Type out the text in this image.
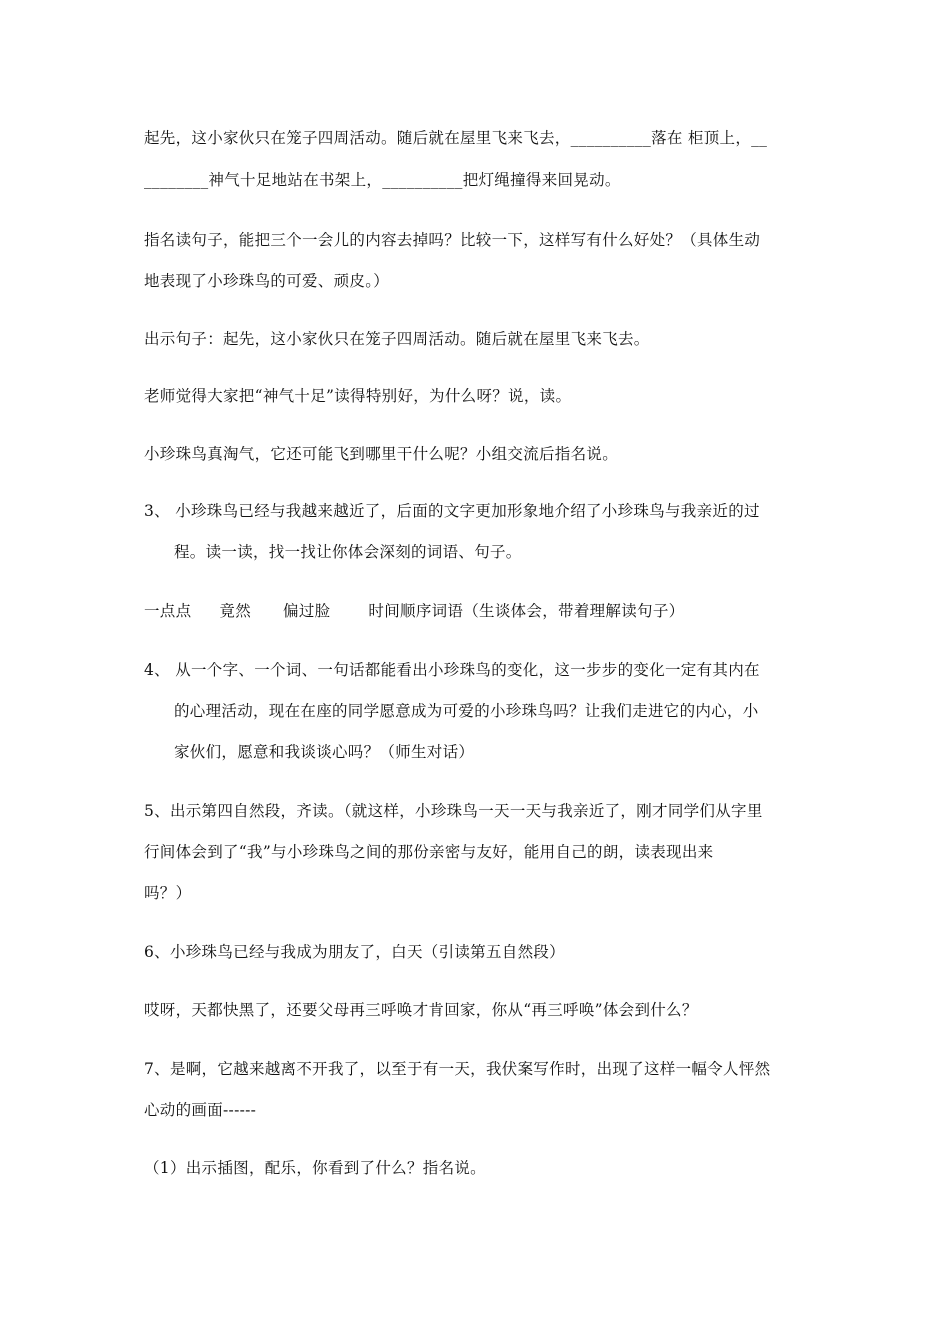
起先，这小家伙只在笼子四周活动。随后就在屋里飞来飞去，__________落在 柜顶上，__
________神气十足地站在书架上，__________把灯绳撞得来回晃动。
指名读句子，能把三个一会儿的内容去掉吗？比较一下，这样写有什么好处？（具体生动
地表现了小珍珠鸟的可爱、顽皮。）
出示句子：起先，这小家伙只在笼子四周活动。随后就在屋里飞来飞去。
老师觉得大家把“神气十足”读得特别好，为什么呀？说，读。
小珍珠鸟真淘气，它还可能飞到哪里干什么呢？小组交流后指名说。
3、 小珍珠鸟已经与我越来越近了，后面的文字更加形象地介绍了小珍珠鸟与我亲近的过
程。读一读，找一找让你体会深刻的词语、句子。
一点点 竟然 偏过脸 时间顺序词语（生谈体会，带着理解读句子）
4、 从一个字、一个词、一句话都能看出小珍珠鸟的变化，这一步步的变化一定有其内在
的心理活动，现在在座的同学愿意成为可爱的小珍珠鸟吗？让我们走进它的内心，小
家伙们，愿意和我谈谈心吗？（师生对话）
5、出示第四自然段，齐读。（就这样，小珍珠鸟一天一天与我亲近了，刚才同学们从字里
行间体会到了“我”与小珍珠鸟之间的那份亲密与友好，能用自己的朗，读表现出来
吗？）
6、小珍珠鸟已经与我成为朋友了，白天（引读第五自然段）
哎呀，天都快黑了，还要父母再三呼唤才肯回家，你从“再三呼唤”体会到什么？
7、是啊，它越来越离不开我了，以至于有一天，我伏案写作时，出现了这样一幅令人怦然
心动的画面------
（1）出示插图，配乐，你看到了什么？指名说。
